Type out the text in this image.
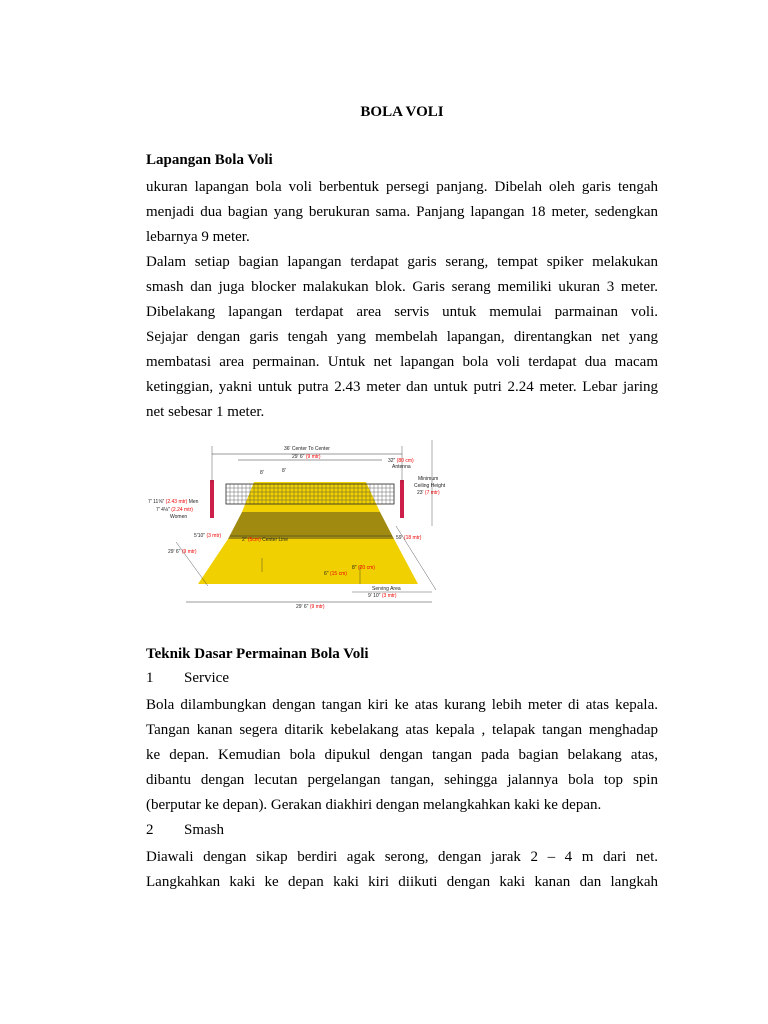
BOLA VOLI
Lapangan Bola Voli
ukuran lapangan bola voli berbentuk persegi panjang. Dibelah oleh garis tengah
menjadi dua bagian yang berukuran sama. Panjang lapangan 18 meter, sedengkan
lebarnya 9 meter.
Dalam setiap bagian lapangan terdapat garis serang, tempat spiker melakukan
smash dan juga blocker malakukan blok. Garis serang memiliki ukuran 3 meter.
Dibelakang lapangan terdapat area servis untuk memulai parmainan voli.
Sejajar dengan garis tengah yang membelah lapangan, direntangkan net yang
membatasi area permainan. Untuk net lapangan bola voli terdapat dua macam
ketinggian, yakni untuk putra 2.43 meter dan untuk putri 2.24 meter. Lebar jaring
net sebesar 1 meter.
Teknik Dasar Permainan Bola Voli
1 Service
Bola dilambungkan dengan tangan kiri ke atas kurang lebih meter di atas kepala.
Tangan kanan segera ditarik kebelakang atas kepala , telapak tangan menghadap
ke depan. Kemudian bola dipukul dengan tangan pada bagian belakang atas,
dibantu dengan lecutan pergelangan tangan, sehingga jalannya bola top spin
(berputar ke depan). Gerakan diakhiri dengan melangkahkan kaki ke depan.
2 Smash
Diawali dengan sikap berdiri agak serong, dengan jarak 2 – 4 m dari net.
Langkahkan kaki ke depan kaki kiri diikuti dengan kaki kanan dan langkah
36' Center To Center
29' 6" (9 mtr)
32" (80 cm)
Antenna
Minimum
Ceiling Height
23' (7 mtr)
7' 11⅝" (2.43 mtr) Men
7' 4⅛" (2.24 mtr)
Women
5'10" (3 mtr)
2" (5cm) Center Line
29' 6" (9 mtr)
59' (18 mtr)
6" (15 cm)
8" (20 cm)
Serving Area
9' 10" (3 mtr)
29' 6" (9 mtr)
8'	8'
